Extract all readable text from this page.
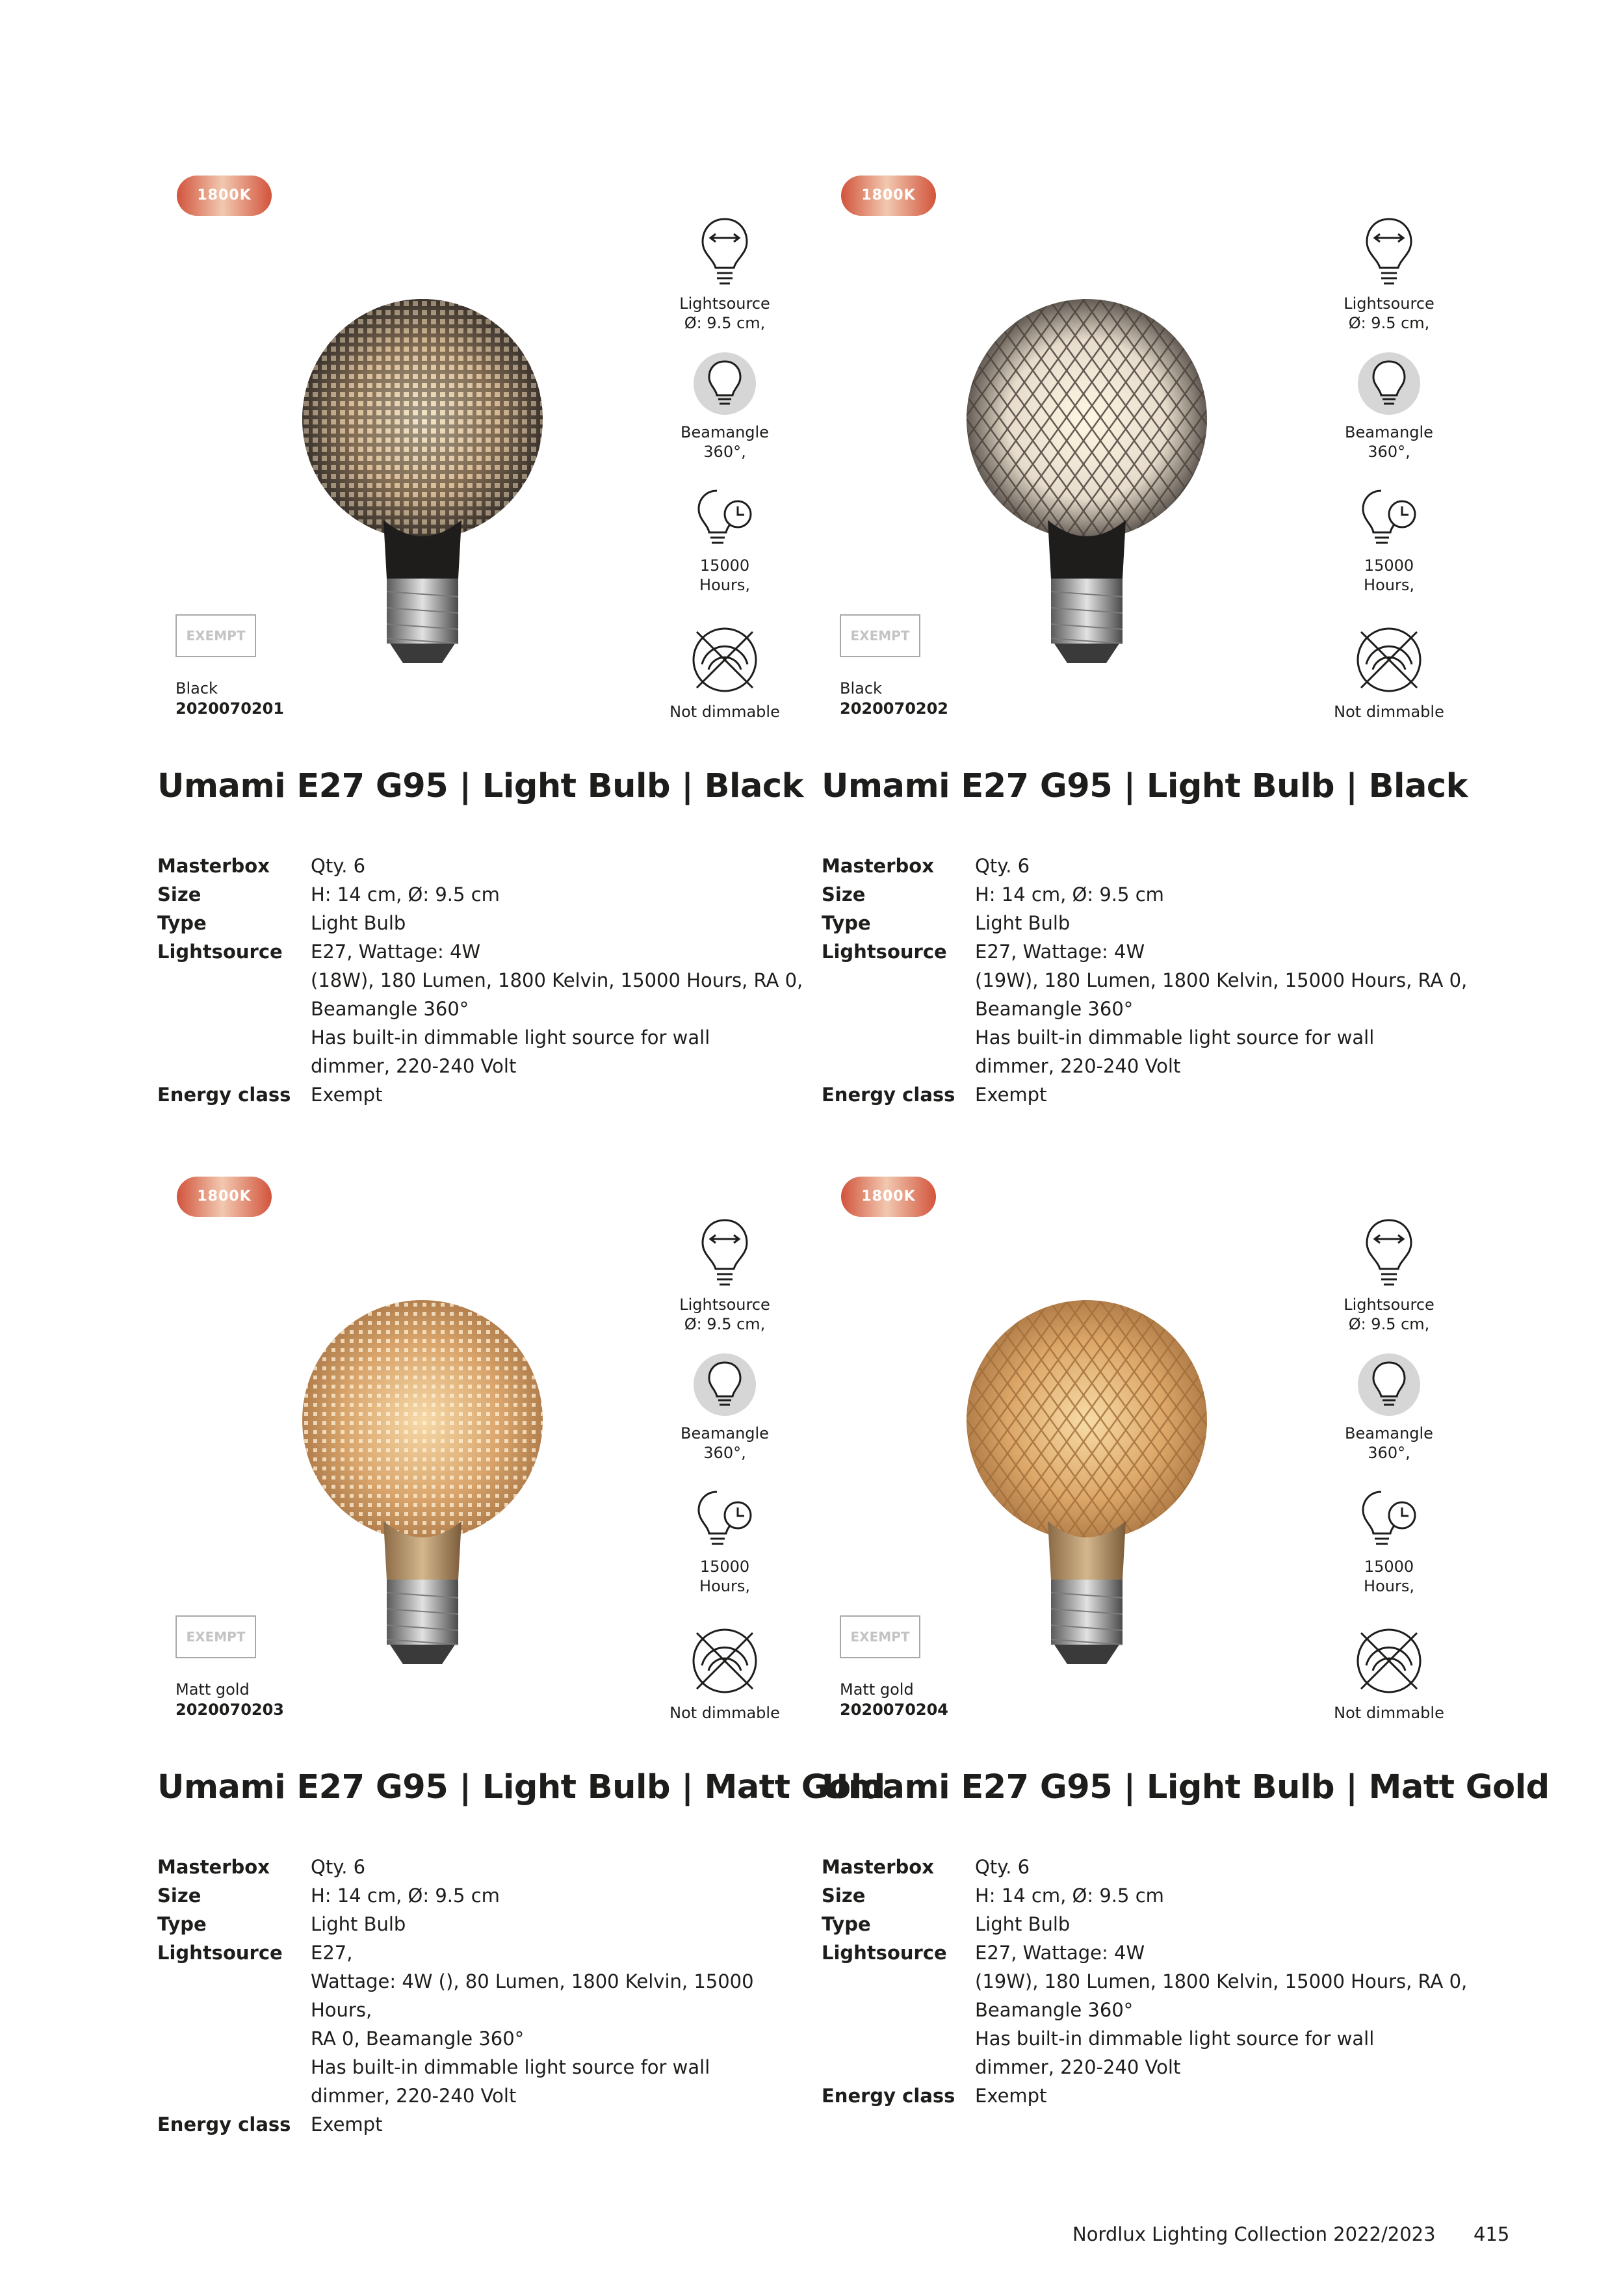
1800K
Lightsource
Ø: 9.5 cm,
Beamangle
360°,
15000
Hours,
Not dimmable
EXEMPT
Black
2020070201
Umami E27 G95 | Light Bulb | Black
Masterbox	Qty. 6
Size	H: 14 cm, Ø: 9.5 cm
Type	Light Bulb
Lightsource	E27, Wattage: 4W
(18W), 180 Lumen, 1800 Kelvin, 15000 Hours, RA 0,
Beamangle 360°
Has built-in dimmable light source for wall
dimmer, 220-240 Volt
Energy class	Exempt
1800K
Lightsource
Ø: 9.5 cm,
Beamangle
360°,
15000
Hours,
Not dimmable
EXEMPT
Black
2020070202
Umami E27 G95 | Light Bulb | Black
Masterbox	Qty. 6
Size	H: 14 cm, Ø: 9.5 cm
Type	Light Bulb
Lightsource	E27, Wattage: 4W
(19W), 180 Lumen, 1800 Kelvin, 15000 Hours, RA 0,
Beamangle 360°
Has built-in dimmable light source for wall
dimmer, 220-240 Volt
Energy class	Exempt
1800K
Lightsource
Ø: 9.5 cm,
Beamangle
360°,
15000
Hours,
Not dimmable
EXEMPT
Matt gold
2020070203
Umami E27 G95 | Light Bulb | Matt Gold
Masterbox	Qty. 6
Size	H: 14 cm, Ø: 9.5 cm
Type	Light Bulb
Lightsource	E27,
Wattage: 4W (), 80 Lumen, 1800 Kelvin, 15000 Hours,
RA 0, Beamangle 360°
Has built-in dimmable light source for wall
dimmer, 220-240 Volt
Energy class	Exempt
1800K
Lightsource
Ø: 9.5 cm,
Beamangle
360°,
15000
Hours,
Not dimmable
EXEMPT
Matt gold
2020070204
Umami E27 G95 | Light Bulb | Matt Gold
Masterbox	Qty. 6
Size	H: 14 cm, Ø: 9.5 cm
Type	Light Bulb
Lightsource	E27, Wattage: 4W
(19W), 180 Lumen, 1800 Kelvin, 15000 Hours, RA 0,
Beamangle 360°
Has built-in dimmable light source for wall
dimmer, 220-240 Volt
Energy class	Exempt
Nordlux Lighting Collection 2022/2023 415
